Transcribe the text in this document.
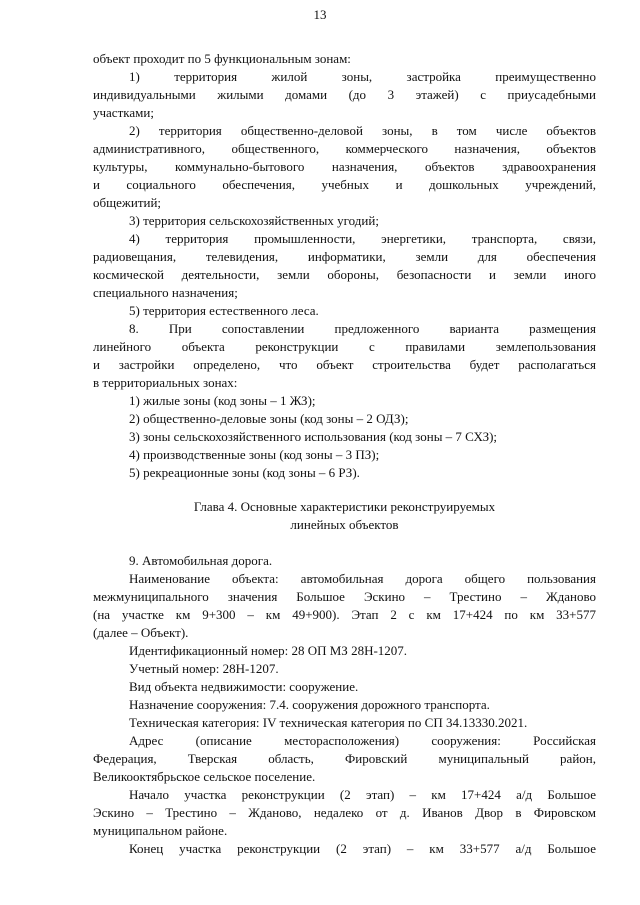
13
объект проходит по 5 функциональным зонам:
1) территория жилой зоны, застройка преимущественно
индивидуальными жилыми домами (до 3 этажей) с приусадебными
участками;
2) территория общественно-деловой зоны, в том числе объектов
административного, общественного, коммерческого назначения, объектов
культуры, коммунально-бытового назначения, объектов здравоохранения
и социального обеспечения, учебных и дошкольных учреждений,
общежитий;
3) территория сельскохозяйственных угодий;
4) территория промышленности, энергетики, транспорта, связи,
радиовещания, телевидения, информатики, земли для обеспечения
космической деятельности, земли обороны, безопасности и земли иного
специального назначения;
5) территория естественного леса.
8. При сопоставлении предложенного варианта размещения
линейного объекта реконструкции с правилами землепользования
и застройки определено, что объект строительства будет располагаться
в территориальных зонах:
1) жилые зоны (код зоны – 1 ЖЗ);
2) общественно-деловые зоны (код зоны – 2 ОДЗ);
3) зоны сельскохозяйственного использования (код зоны – 7 СХЗ);
4) производственные зоны (код зоны – 3 ПЗ);
5) рекреационные зоны (код зоны – 6 РЗ).
Глава 4. Основные характеристики реконструируемых
линейных объектов
9. Автомобильная дорога.
Наименование объекта: автомобильная дорога общего пользования
межмуниципального значения Большое Эскино – Трестино – Жданово
(на участке км 9+300 – км 49+900). Этап 2 с км 17+424 по км 33+577
(далее – Объект).
Идентификационный номер: 28 ОП МЗ 28Н-1207.
Учетный номер: 28Н-1207.
Вид объекта недвижимости: сооружение.
Назначение сооружения: 7.4. сооружения дорожного транспорта.
Техническая категория: IV техническая категория по СП 34.13330.2021.
Адрес (описание месторасположения) сооружения: Российская
Федерация, Тверская область, Фировский муниципальный район,
Великооктябрьское сельское поселение.
Начало участка реконструкции (2 этап) – км 17+424 а/д Большое
Эскино – Трестино – Жданово, недалеко от д. Иванов Двор в Фировском
муниципальном районе.
Конец участка реконструкции (2 этап) – км 33+577 а/д Большое
